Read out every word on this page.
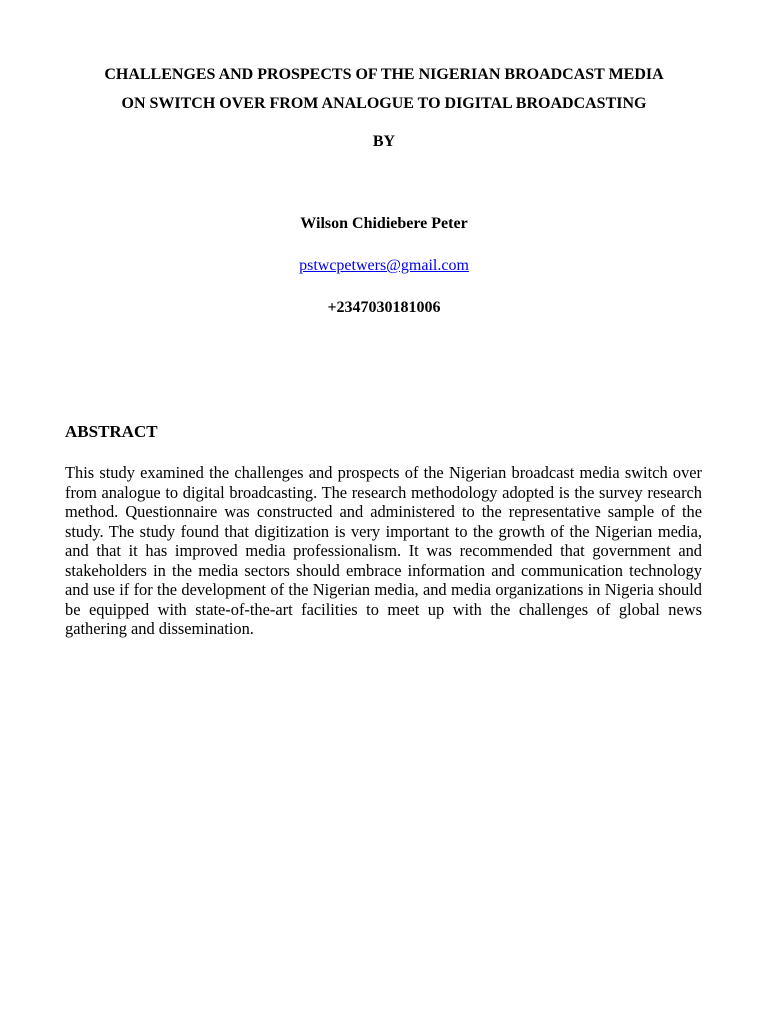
CHALLENGES AND PROSPECTS OF THE NIGERIAN BROADCAST MEDIA
ON SWITCH OVER FROM ANALOGUE TO DIGITAL BROADCASTING

BY

Wilson Chidiebere Peter

pstwcpetwers@gmail.com

+2347030181006

ABSTRACT

This study examined the challenges and prospects of the Nigerian broadcast media switch over from analogue to digital broadcasting. The research methodology adopted is the survey research method. Questionnaire was constructed and administered to the representative sample of the study. The study found that digitization is very important to the growth of the Nigerian media, and that it has improved media professionalism. It was recommended that government and stakeholders in the media sectors should embrace information and communication technology and use if for the development of the Nigerian media, and media organizations in Nigeria should be equipped with state-of-the-art facilities to meet up with the challenges of global news gathering and dissemination.
